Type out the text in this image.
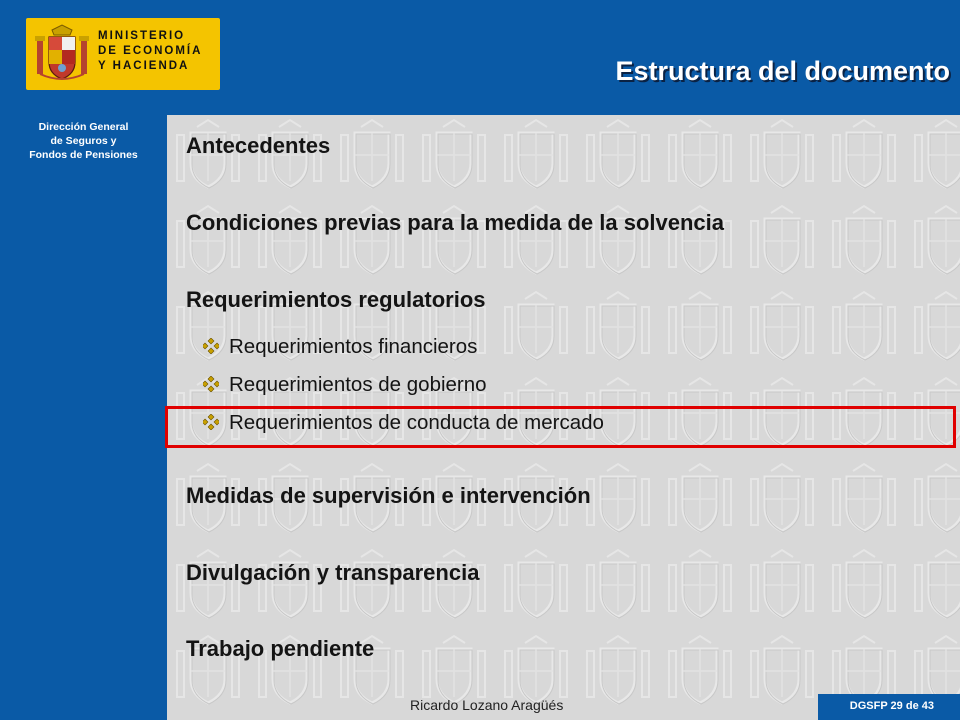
MINISTERIO
DE ECONOMÍA
Y HACIENDA	Estructura del documento
Dirección General
de Seguros y
Fondos de Pensiones	Antecedentes
Condiciones previas para la medida de la solvencia
Requerimientos regulatorios
Requerimientos financieros
Requerimientos de gobierno
Requerimientos de conducta de mercado
Medidas de supervisión e intervención
Divulgación y transparencia
Trabajo pendiente
Ricardo Lozano Aragüés	DGSFP 29 de 43
